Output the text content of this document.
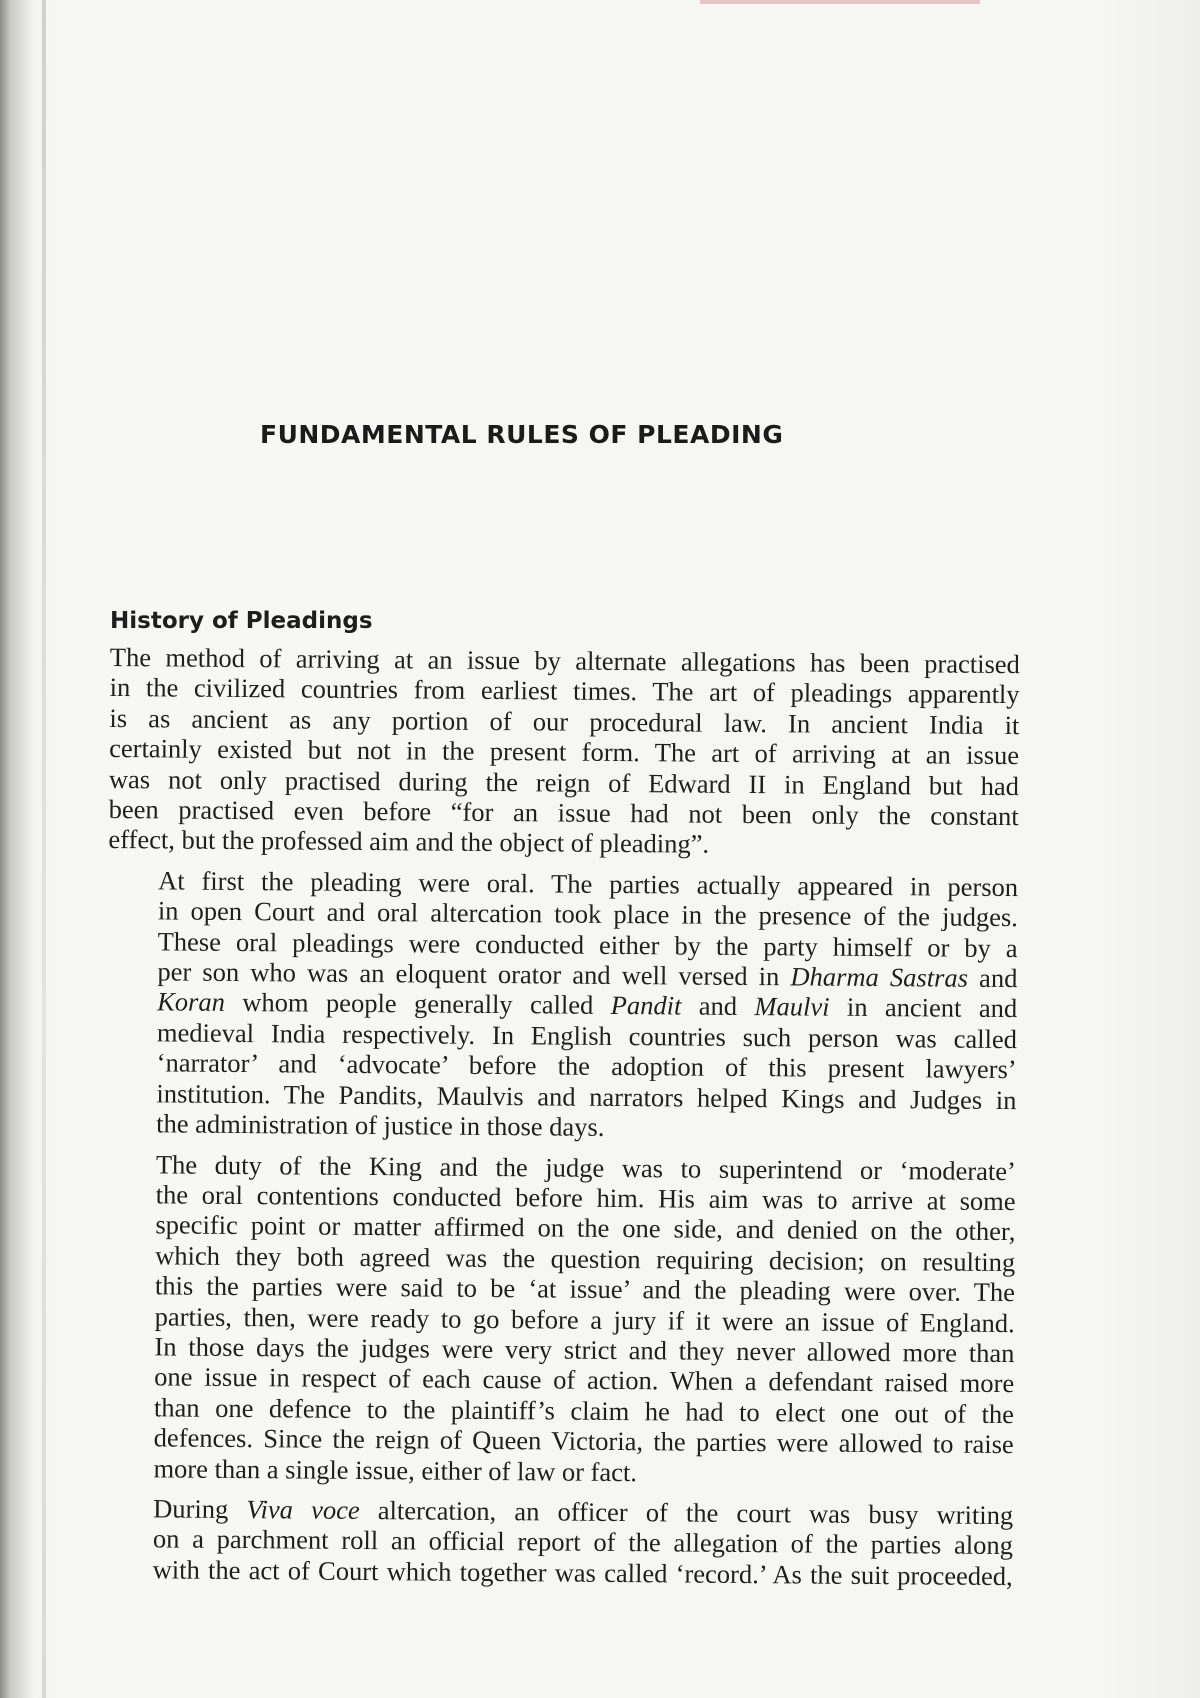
FUNDAMENTAL RULES OF PLEADING
History of Pleadings

The method of arriving at an issue by alternate allegations has been practised
in the civilized countries from earliest times. The art of pleadings apparently
is as ancient as any portion of our procedural law. In ancient India it
certainly existed but not in the present form. The art of arriving at an issue
was not only practised during the reign of Edward II in England but had
been practised even before “for an issue had not been only the constant
effect, but the professed aim and the object of pleading”.

At first the pleading were oral. The parties actually appeared in person
in open Court and oral altercation took place in the presence of the judges.
These oral pleadings were conducted either by the party himself or by a
per son who was an eloquent orator and well versed in Dharma Sastras and
Koran whom people generally called Pandit and Maulvi in ancient and
medieval India respectively. In English countries such person was called
‘narrator’ and ‘advocate’ before the adoption of this present lawyers’
institution. The Pandits, Maulvis and narrators helped Kings and Judges in
the administration of justice in those days.

The duty of the King and the judge was to superintend or ‘moderate’
the oral contentions conducted before him. His aim was to arrive at some
specific point or matter affirmed on the one side, and denied on the other,
which they both agreed was the question requiring decision; on resulting
this the parties were said to be ‘at issue’ and the pleading were over. The
parties, then, were ready to go before a jury if it were an issue of England.
In those days the judges were very strict and they never allowed more than
one issue in respect of each cause of action. When a defendant raised more
than one defence to the plaintiff’s claim he had to elect one out of the
defences. Since the reign of Queen Victoria, the parties were allowed to raise
more than a single issue, either of law or fact.

During Viva voce altercation, an officer of the court was busy writing
on a parchment roll an official report of the allegation of the parties along
with the act of Court which together was called ‘record.’ As the suit proceeded,
